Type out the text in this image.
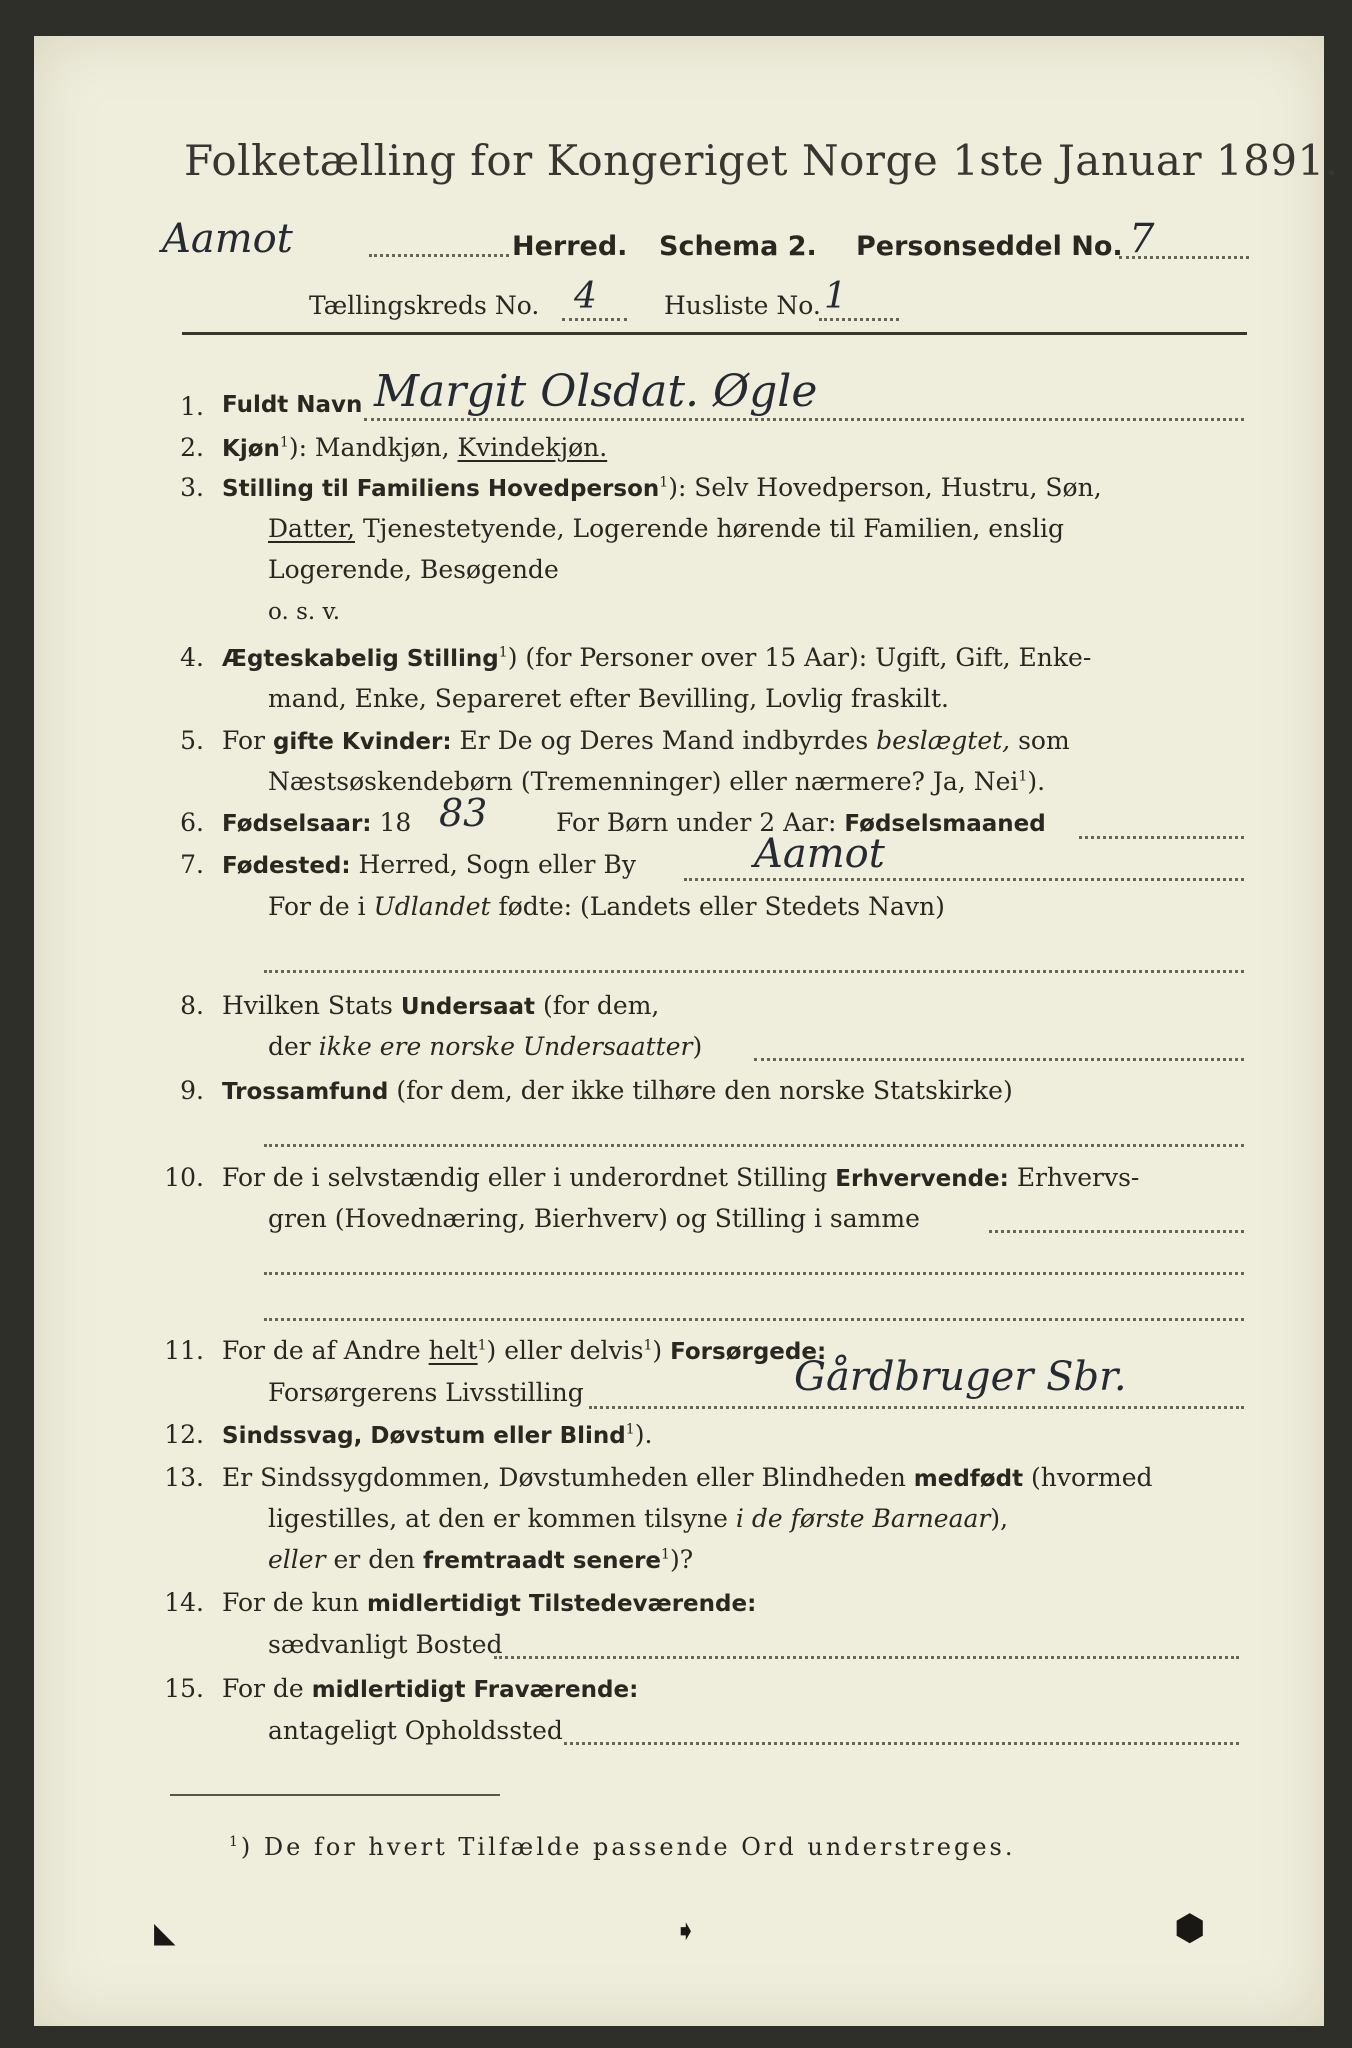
Folketælling for Kongeriget Norge 1ste Januar 1891.
Aamot	Herred. Schema 2. Personseddel No. 7
Tællingskreds No. 4	Husliste No. 1
1. Fuldt Navn Margit Olsdat. Øgle
2. Kjøn$^1$): Mandkjøn, Kvindekjøn.
3. Stilling til Familiens Hovedperson$^1$): Selv Hovedperson, Hustru, Søn,
Datter, Tjenestetyende, Logerende hørende til Familien, enslig
Logerende, Besøgende
o. s. v.
4. Ægteskabelig Stilling$^1$) (for Personer over 15 Aar): Ugift, Gift, Enke-
mand, Enke, Separeret efter Bevilling, Lovlig fraskilt.
5. For gifte Kvinder: Er De og Deres Mand indbyrdes beslægtet, som
Næstsøskendebørn (Tremenninger) eller nærmere? Ja, Nei$^1$).
6. Fødselsaar: 18 83	For Børn under 2 Aar: Fødselsmaaned
7. Fødested: Herred, Sogn eller By	Aamot
For de i Udlandet fødte: (Landets eller Stedets Navn)
8. Hvilken Stats Undersaat (for dem,
der ikke ere norske Undersaatter)
9. Trossamfund (for dem, der ikke tilhøre den norske Statskirke)
10. For de i selvstændig eller i underordnet Stilling Erhvervende: Erhvervs-
gren (Hovednæring, Bierhverv) og Stilling i samme
11. For de af Andre helt$^1$) eller delvis$^1$) Forsørgede:
Forsørgerens Livsstilling	Gårdbruger Sbr.
12. Sindssvag, Døvstum eller Blind$^1$).
13. Er Sindssygdommen, Døvstumheden eller Blindheden medfødt (hvormed
ligestilles, at den er kommen tilsyne i de første Barneaar),
eller er den fremtraadt senere$^1$)?
14. For de kun midlertidigt Tilstedeværende:
sædvanligt Bosted
15. For de midlertidigt Fraværende:
antageligt Opholdssted
$^1$) De for hvert Tilfælde passende Ord understreges.
◣	➧	⬢
